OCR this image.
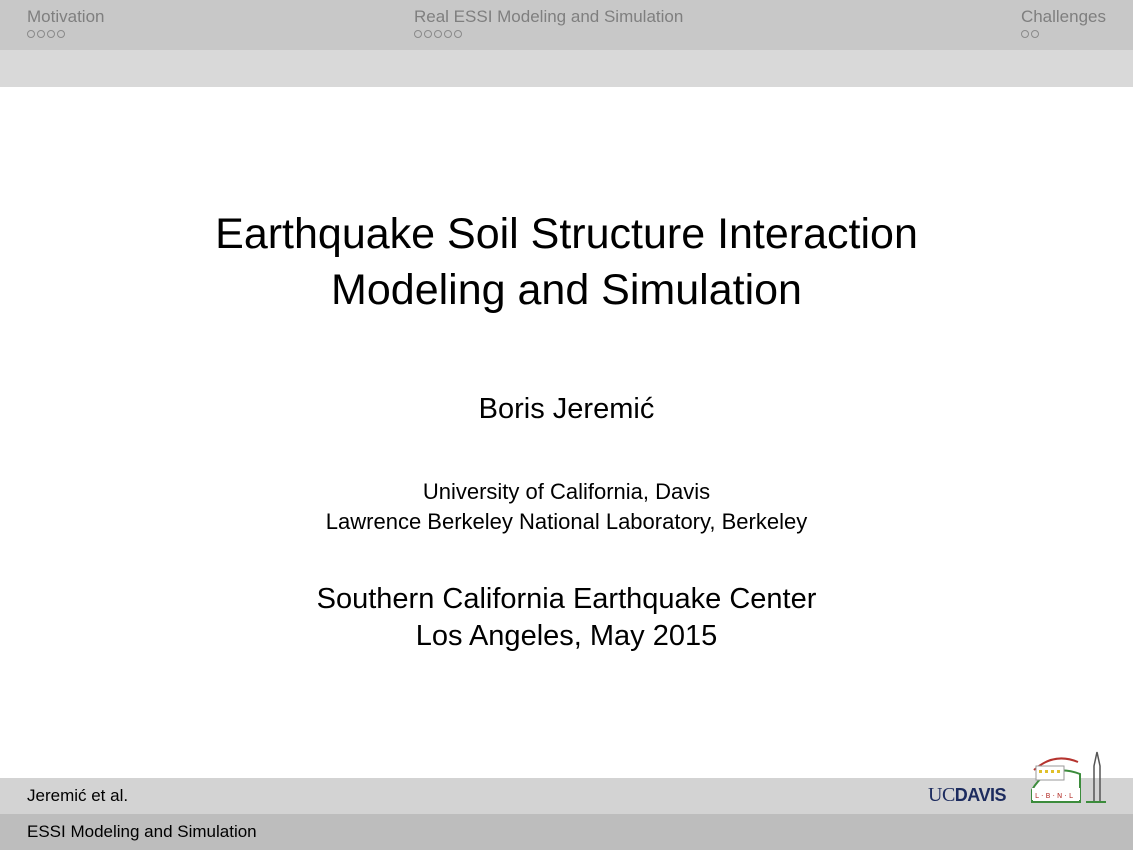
Motivation	Real ESSI Modeling and Simulation	Challenges
Earthquake Soil Structure Interaction
Modeling and Simulation
Boris Jeremić
University of California, Davis
Lawrence Berkeley National Laboratory, Berkeley
Southern California Earthquake Center
Los Angeles, May 2015
Jeremić et al.
ESSI Modeling and Simulation
UCDAVIS	L · B · N · L
